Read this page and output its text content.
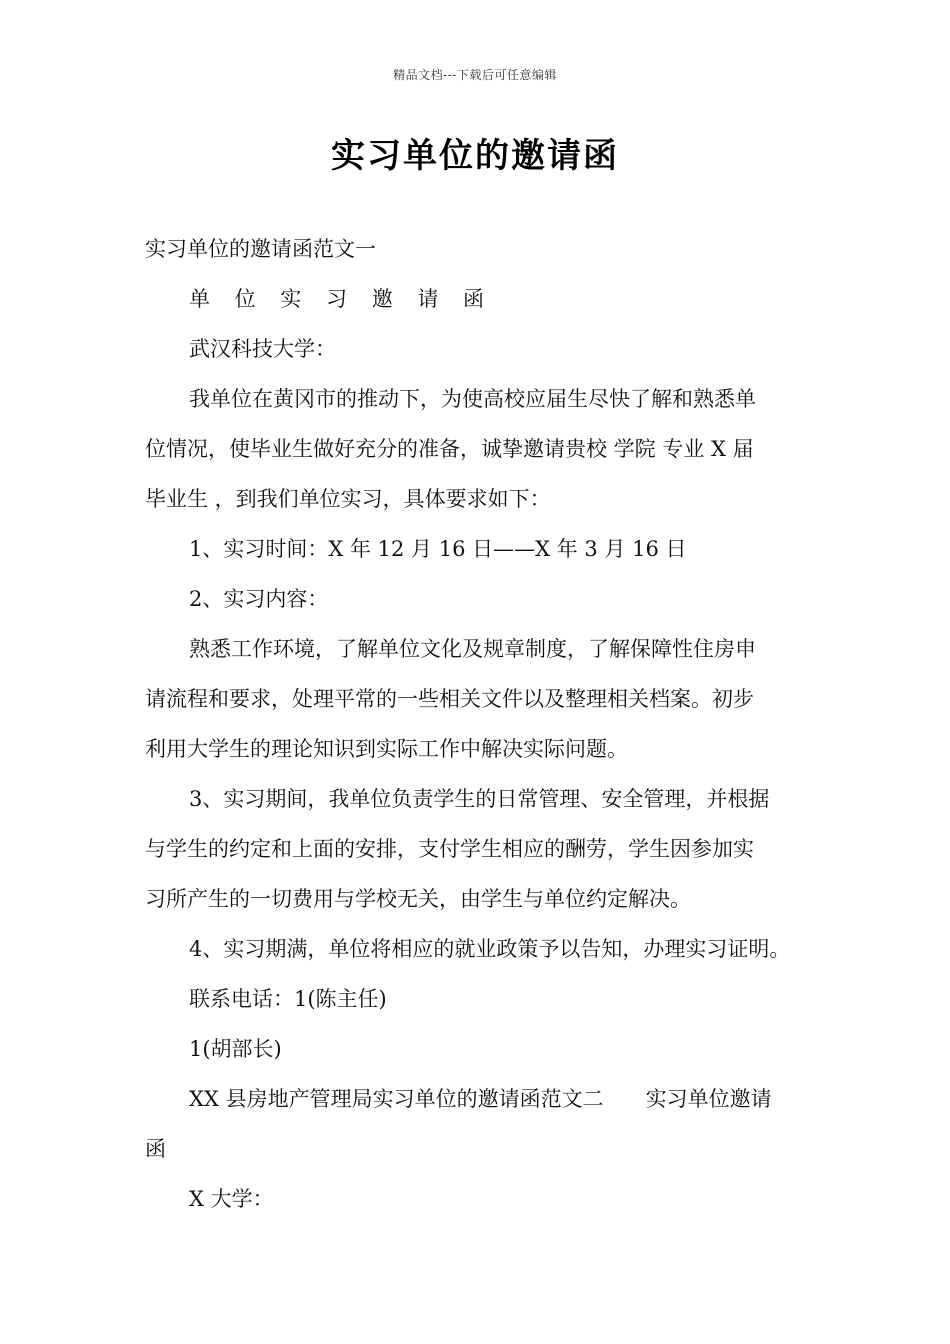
精品文档---下载后可任意编辑
实习单位的邀请函
实习单位的邀请函范文一
单 位 实 习 邀 请 函
武汉科技大学：
我单位在黄冈市的推动下，为使高校应届生尽快了解和熟悉单
位情况，使毕业生做好充分的准备，诚挚邀请贵校 学院 专业 X 届
毕业生 ，到我们单位实习，具体要求如下：
1、实习时间：X 年 12 月 16 日——X 年 3 月 16 日
2、实习内容：
熟悉工作环境，了解单位文化及规章制度，了解保障性住房申
请流程和要求，处理平常的一些相关文件以及整理相关档案。初步
利用大学生的理论知识到实际工作中解决实际问题。
3、实习期间，我单位负责学生的日常管理、安全管理，并根据
与学生的约定和上面的安排，支付学生相应的酬劳，学生因参加实
习所产生的一切费用与学校无关，由学生与单位约定解决。
4、实习期满，单位将相应的就业政策予以告知，办理实习证明。
联系电话：1(陈主任)
1(胡部长)
XX 县房地产管理局实习单位的邀请函范文二　　实习单位邀请
函
X 大学：
